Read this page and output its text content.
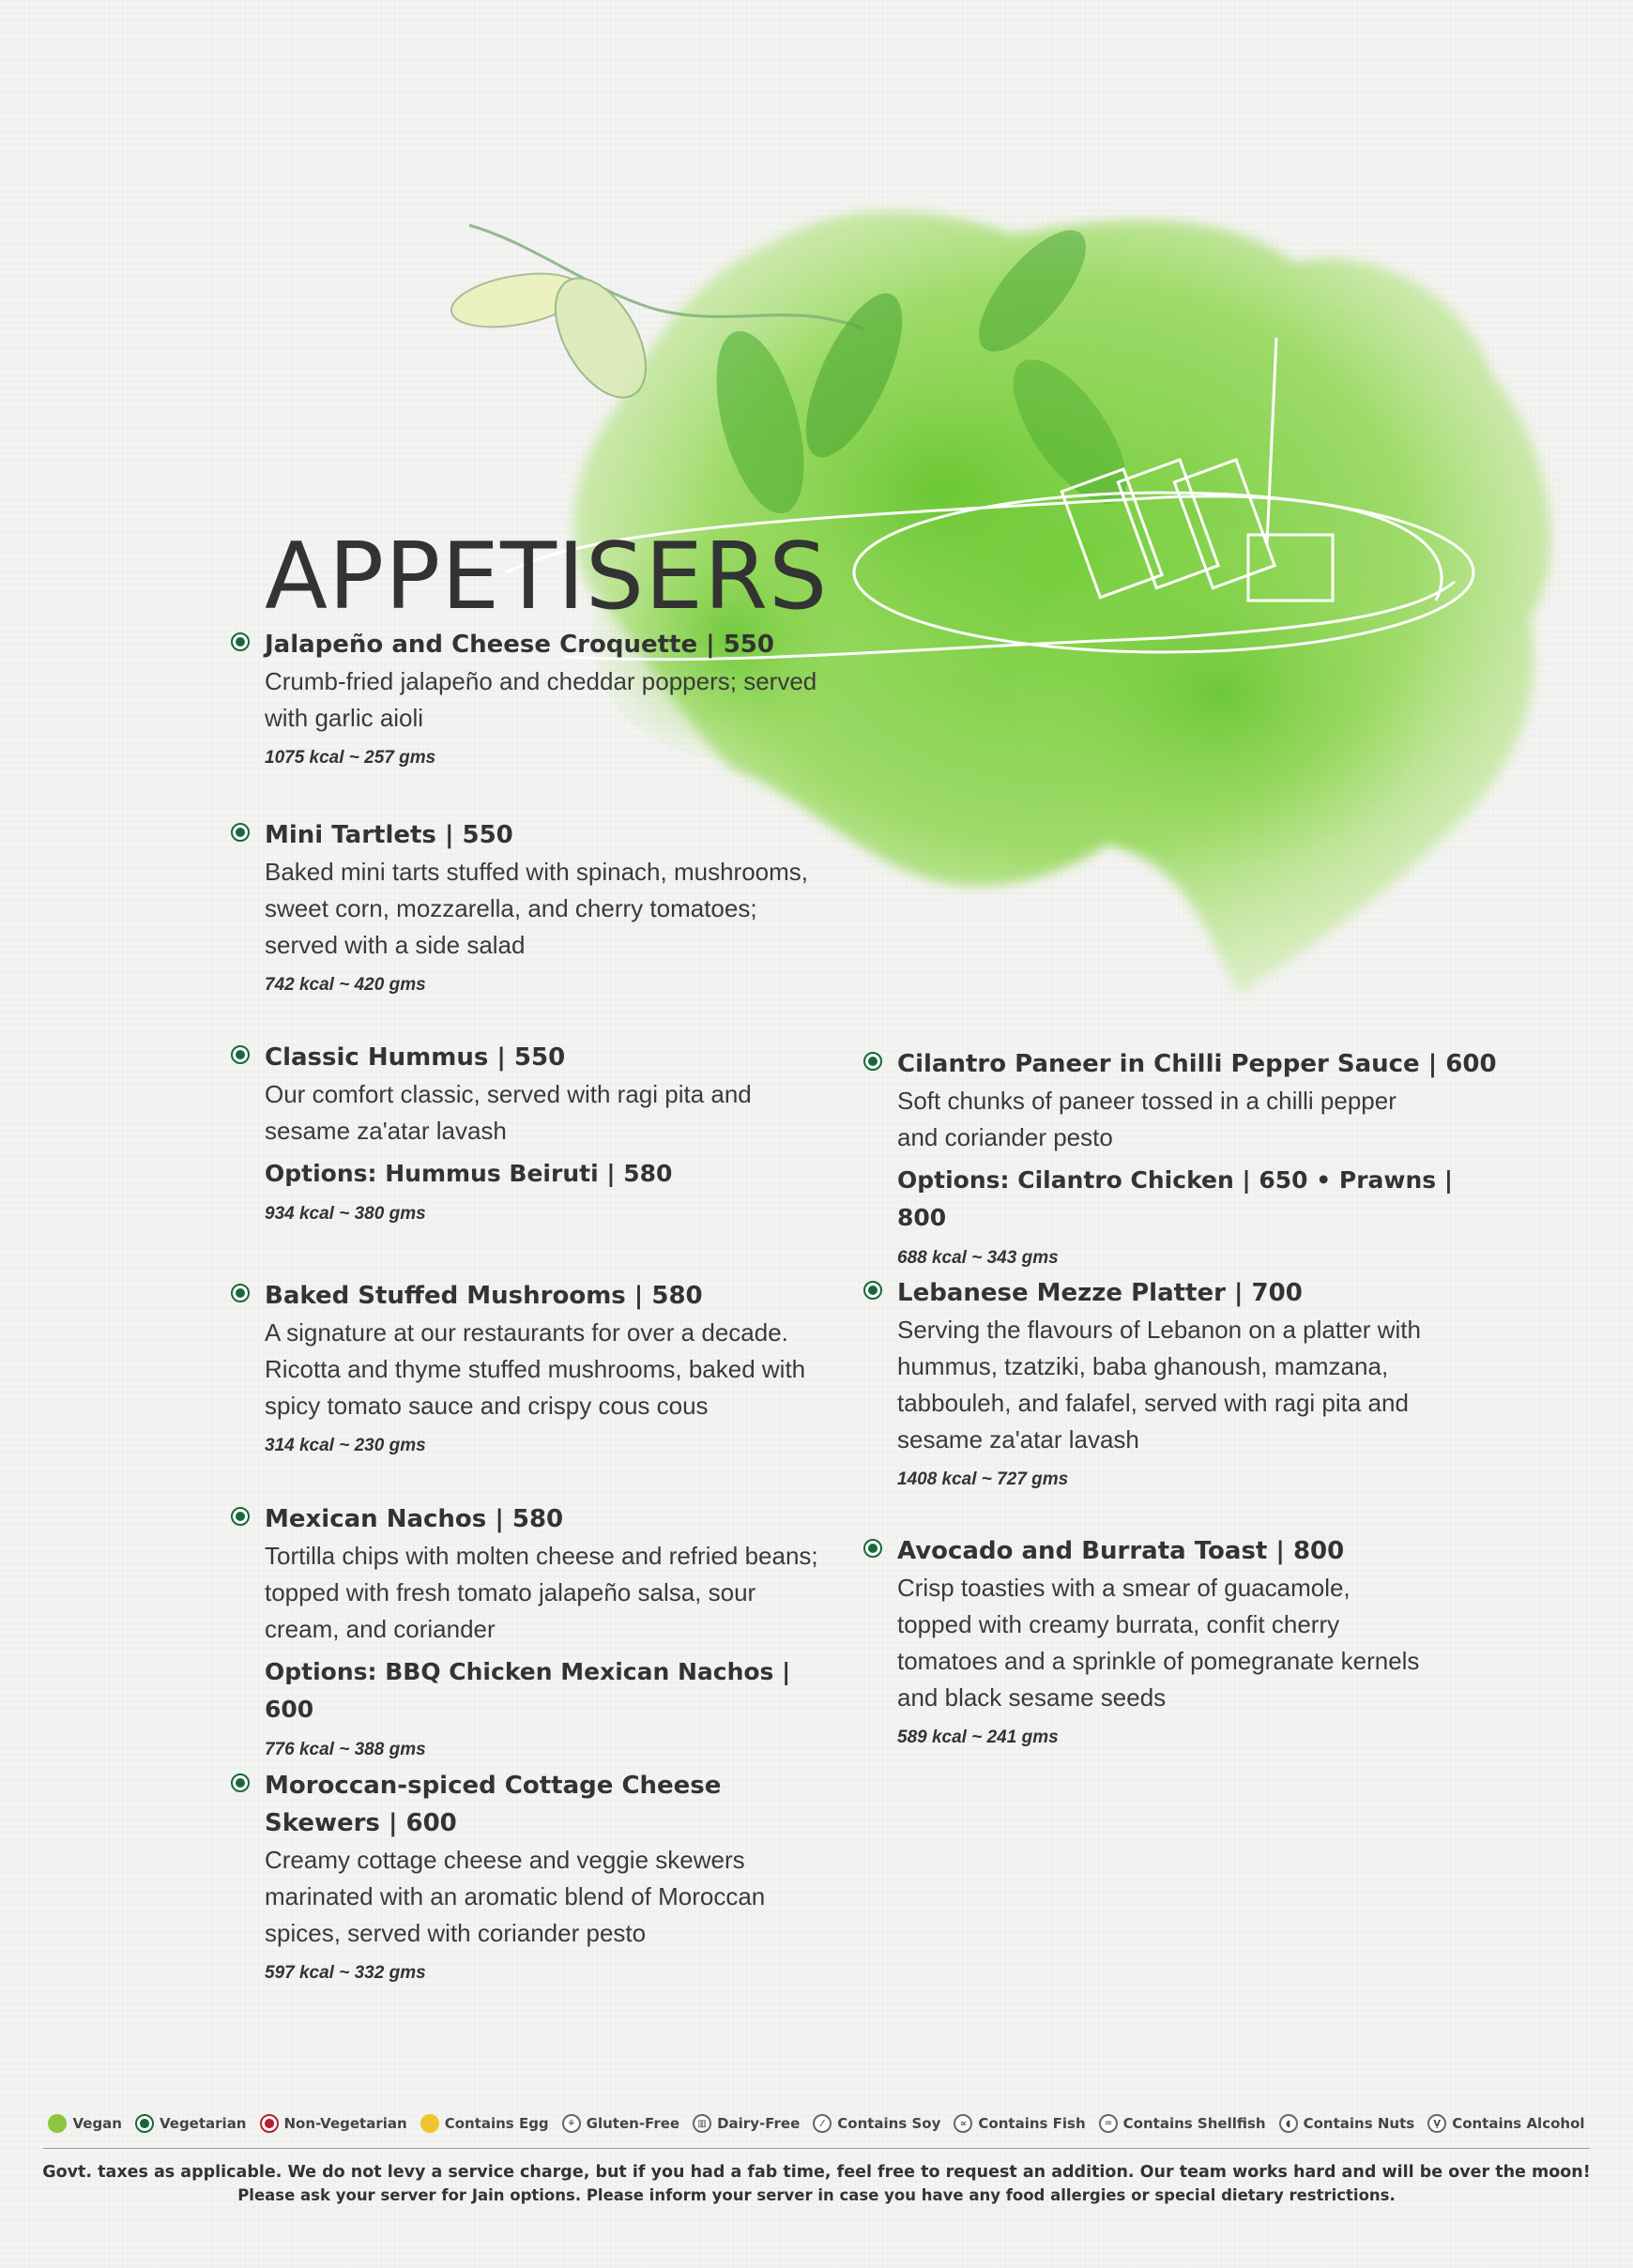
APPETISERS
Jalapeño and Cheese Croquette | 550
Crumb-fried jalapeño and cheddar poppers; served with garlic aioli
1075 kcal ~ 257 gms
Mini Tartlets | 550
Baked mini tarts stuffed with spinach, mushrooms, sweet corn, mozzarella, and cherry tomatoes; served with a side salad
742 kcal ~ 420 gms
Classic Hummus | 550
Our comfort classic, served with ragi pita and sesame za'atar lavash
Options: Hummus Beiruti | 580
934 kcal ~ 380 gms
Baked Stuffed Mushrooms | 580
A signature at our restaurants for over a decade. Ricotta and thyme stuffed mushrooms, baked with spicy tomato sauce and crispy cous cous
314 kcal ~ 230 gms
Mexican Nachos | 580
Tortilla chips with molten cheese and refried beans; topped with fresh tomato jalapeño salsa, sour cream, and coriander
Options: BBQ Chicken Mexican Nachos | 600
776 kcal ~ 388 gms
Moroccan-spiced Cottage Cheese Skewers | 600
Creamy cottage cheese and veggie skewers marinated with an aromatic blend of Moroccan spices, served with coriander pesto
597 kcal ~ 332 gms
Cilantro Paneer in Chilli Pepper Sauce | 600
Soft chunks of paneer tossed in a chilli pepper and coriander pesto
Options: Cilantro Chicken | 650 • Prawns | 800
688 kcal ~ 343 gms
Lebanese Mezze Platter | 700
Serving the flavours of Lebanon on a platter with hummus, tzatziki, baba ghanoush, mamzana, tabbouleh, and falafel, served with ragi pita and sesame za'atar lavash
1408 kcal ~ 727 gms
Avocado and Burrata Toast | 800
Crisp toasties with a smear of guacamole, topped with creamy burrata, confit cherry tomatoes and a sprinkle of pomegranate kernels and black sesame seeds
589 kcal ~ 241 gms
Vegan	Vegetarian	Non-Vegetarian	Contains Egg	⚘ Gluten-Free	▥ Dairy-Free	⁄	Contains Soy	∝ Contains Fish	♒ Contains Shellfish	◖ Contains Nuts	Ṿ Contains Alcohol
Govt. taxes as applicable. We do not levy a service charge, but if you had a fab time, feel free to request an addition. Our team works hard and will be over the moon!
Please ask your server for Jain options. Please inform your server in case you have any food allergies or special dietary restrictions.
